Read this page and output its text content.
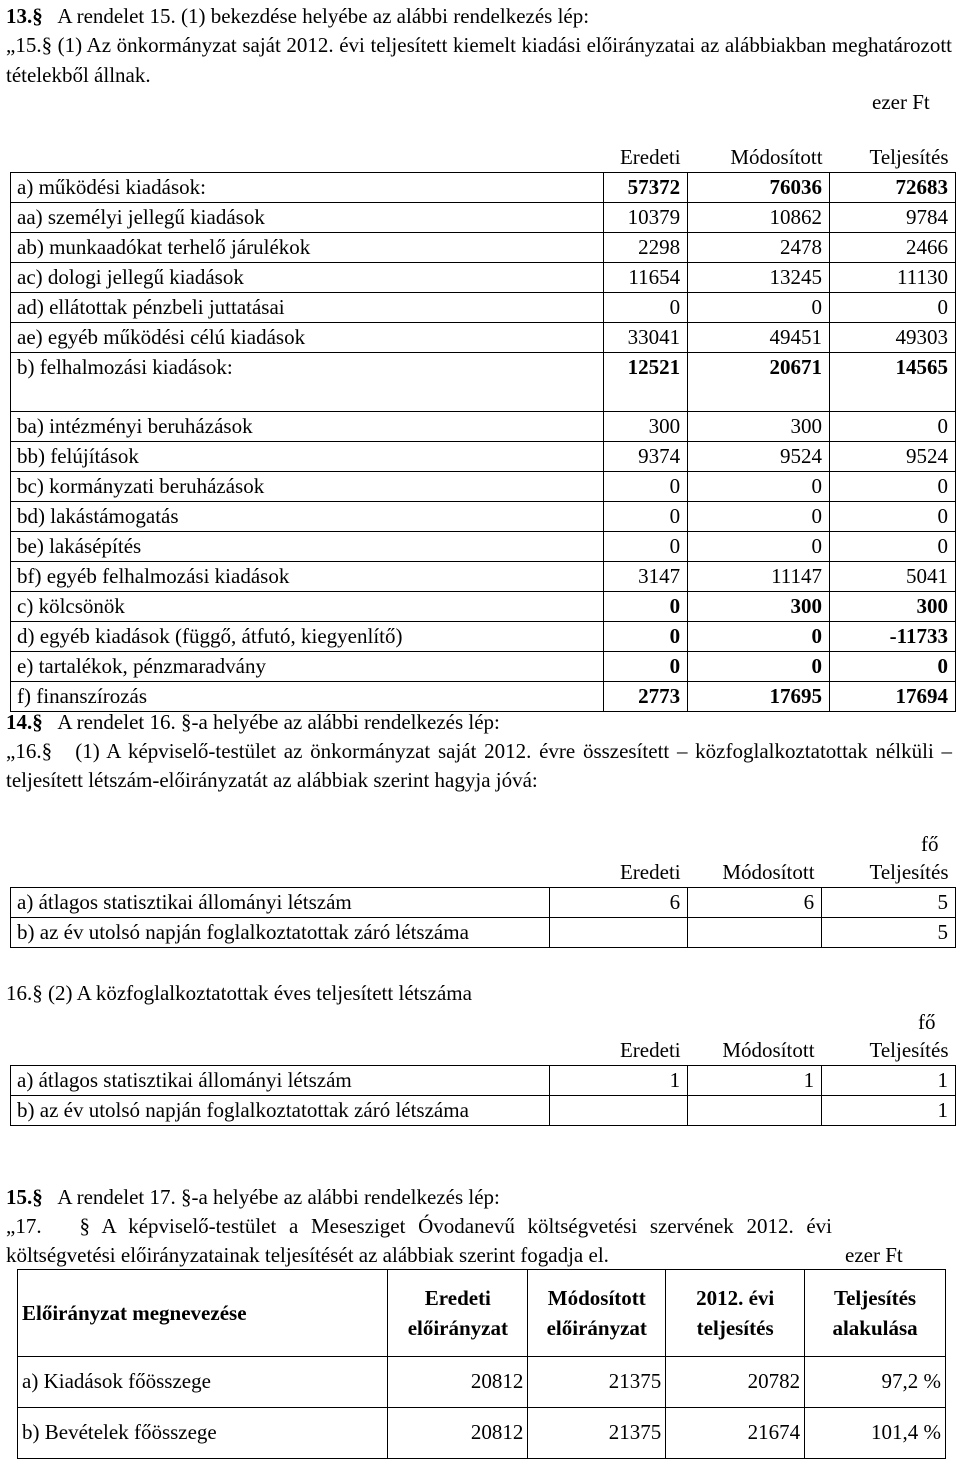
13.§ A rendelet 15. (1) bekezdése helyébe az alábbi rendelkezés lép:

„15.§ (1) Az önkormányzat saját 2012. évi teljesített kiemelt kiadási előirányzatai az alábbiakban meghatározott tételekből állnak.

ezer Ft
	Eredeti	Módosított	Teljesítés
a) működési kiadások:	57372	76036	72683
aa) személyi jellegű kiadások	10379	10862	9784
ab) munkaadókat terhelő járulékok	2298	2478	2466
ac) dologi jellegű kiadások	11654	13245	11130
ad) ellátottak pénzbeli juttatásai	0	0	0
ae) egyéb működési célú kiadások	33041	49451	49303
b) felhalmozási kiadások:	12521	20671	14565
ba) intézményi beruházások	300	300	0
bb) felújítások	9374	9524	9524
bc) kormányzati beruházások	0	0	0
bd) lakástámogatás	0	0	0
be) lakásépítés	0	0	0
bf) egyéb felhalmozási kiadások	3147	11147	5041
c) kölcsönök	0	300	300
d) egyéb kiadások (függő, átfutó, kiegyenlítő)	0	0	-11733
e) tartalékok, pénzmaradvány	0	0	0
f) finanszírozás	2773	17695	17694

14.§ A rendelet 16. §-a helyébe az alábbi rendelkezés lép:

„16.§ (1) A képviselő-testület az önkormányzat saját 2012. évre összesített – közfoglalkoztatottak nélküli – teljesített létszám-előirányzatát az alábbiak szerint hagyja jóvá:

fő
	Eredeti	Módosított	Teljesítés
a) átlagos statisztikai állományi létszám	6	6	5
b) az év utolsó napján foglalkoztatottak záró létszáma			5

16.§ (2) A közfoglalkoztatottak éves teljesített létszáma

fő
	Eredeti	Módosított	Teljesítés
a) átlagos statisztikai állományi létszám	1	1	1
b) az év utolsó napján foglalkoztatottak záró létszáma			1

15.§ A rendelet 17. §-a helyébe az alábbi rendelkezés lép:

„17. § A képviselő-testület a Mesesziget Óvodanevű költségvetési szervének 2012. évi költségvetési előirányzatainak teljesítését az alábbiak szerint fogadja el.	ezer Ft
Előirányzat megnevezése	Eredeti előirányzat	Módosított előirányzat	2012. évi teljesítés	Teljesítés alakulása
a) Kiadások főösszege	20812	21375	20782	97,2 %
b) Bevételek főösszege	20812	21375	21674	101,4 %
